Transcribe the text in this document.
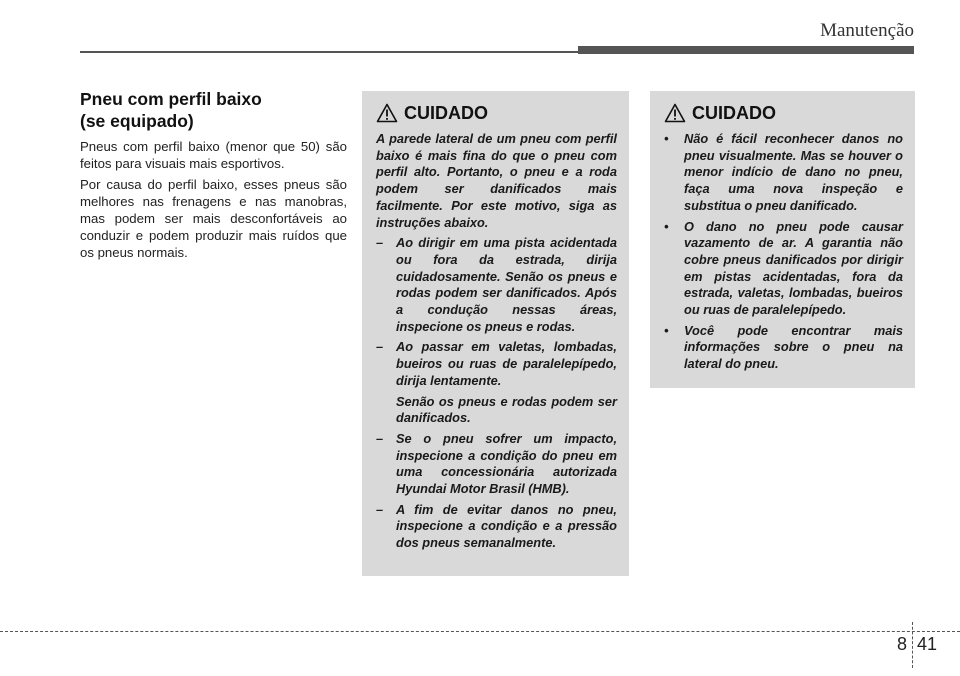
Manutenção
Pneu com perfil baixo
(se equipado)

Pneus com perfil baixo (menor que 50) são feitos para visuais mais esportivos.

Por causa do perfil baixo, esses pneus são melhores nas frenagens e nas manobras, mas podem ser mais desconfortáveis ao conduzir e podem produzir mais ruídos que os pneus normais.

CUIDADO

A parede lateral de um pneu com perfil baixo é mais fina do que o pneu com perfil alto. Portanto, o pneu e a roda podem ser danificados mais facilmente. Por este motivo, siga as instruções abaixo.

–	Ao dirigir em uma pista acidentada ou fora da estrada, dirija cuidadosamente. Senão os pneus e rodas podem ser danificados. Após a condução nessas áreas, inspecione os pneus e rodas.

–	Ao passar em valetas, lombadas, bueiros ou ruas de paralelepípedo, dirija lentamente.

Senão os pneus e rodas podem ser danificados.

–	Se o pneu sofrer um impacto, inspecione a condição do pneu em uma concessionária autorizada Hyundai Motor Brasil (HMB).

–	A fim de evitar danos no pneu, inspecione a condição e a pressão dos pneus semanalmente.

CUIDADO
•	Não é fácil reconhecer danos no pneu visualmente. Mas se houver o menor indício de dano no pneu, faça uma nova inspeção e substitua o pneu danificado.

•	O dano no pneu pode causar vazamento de ar. A garantia não cobre pneus danificados por dirigir em pistas acidentadas, fora da estrada, valetas, lombadas, bueiros ou ruas de paralelepípedo.

•	Você pode encontrar mais informações sobre o pneu na lateral do pneu.

8 41
